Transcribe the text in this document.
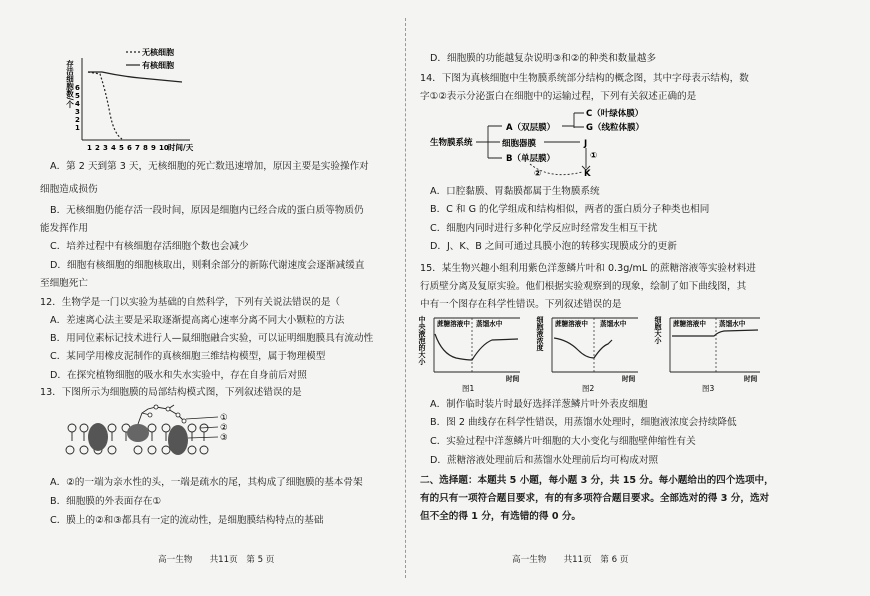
无核细胞
有核细胞
存活细胞数/个 6
5
4
3
2
1
1 2 3 4 5 6 7 8 9 10 时间/天
A．第 2 天到第 3 天，无核细胞的死亡数迅速增加，原因主要是实验操作对
细胞造成损伤
B．无核细胞仍能存活一段时间，原因是细胞内已经合成的蛋白质等物质仍
能发挥作用
C．培养过程中有核细胞存活细胞个数也会减少
D．细胞有核细胞的细胞核取出，则剩余部分的新陈代谢速度会逐渐减缓直
至细胞死亡
12．生物学是一门以实验为基础的自然科学，下列有关说法错误的是（
A．差速离心法主要是采取逐渐提高离心速率分离不同大小颗粒的方法
B．用同位素标记技术进行人—鼠细胞融合实验，可以证明细胞膜具有流动性
C．某同学用橡皮泥制作的真核细胞三维结构模型，属于物理模型
D．在探究植物细胞的吸水和失水实验中，存在自身前后对照
13．下图所示为细胞膜的局部结构模式图，下列叙述错误的是
①
②
③
A．②的一端为亲水性的头，一端是疏水的尾，其构成了细胞膜的基本骨架
B．细胞膜的外表面存在①
C．膜上的②和③都具有一定的流动性，是细胞膜结构特点的基础
高一生物　　共11页　第 5 页
D．细胞膜的功能越复杂说明③和②的种类和数量越多
14．下图为真核细胞中生物膜系统部分结构的概念图，其中字母表示结构，数
字①②表示分泌蛋白在细胞中的运输过程，下列有关叙述正确的是
生物膜系统
A（双层膜）
细胞器膜
B（单层膜）
C（叶绿体膜）
G（线粒体膜）
J
K
①
②
A．口腔黏膜、胃黏膜都属于生物膜系统
B．C 和 G 的化学组成和结构相似，两者的蛋白质分子种类也相同
C．细胞内同时进行多种化学反应时经常发生相互干扰
D．J、K、B 之间可通过具膜小泡的转移实现膜成分的更新
15．某生物兴趣小组利用紫色洋葱鳞片叶和 0.3g/mL 的蔗糖溶液等实验材料进
行质壁分离及复原实验。他们根据实验观察到的现象，绘制了如下曲线图，其
中有一个图存在科学性错误。下列叙述错误的是
中央液泡的大小 蔗糖溶液中 蒸馏水中
时间
图1
细胞液浓度 蔗糖溶液中 蒸馏水中
时间
图2
细胞大小 蔗糖溶液中 蒸馏水中
时间
图3
A．制作临时装片时最好选择洋葱鳞片叶外表皮细胞
B．图 2 曲线存在科学性错误，用蒸馏水处理时，细胞液浓度会持续降低
C．实验过程中洋葱鳞片叶细胞的大小变化与细胞壁伸缩性有关
D．蔗糖溶液处理前后和蒸馏水处理前后均可构成对照
二、选择题：本题共 5 小题，每小题 3 分，共 15 分。每小题给出的四个选项中，
有的只有一项符合题目要求，有的有多项符合题目要求。全部选对的得 3 分，选对
但不全的得 1 分，有选错的得 0 分。
高一生物　　共11页　第 6 页
